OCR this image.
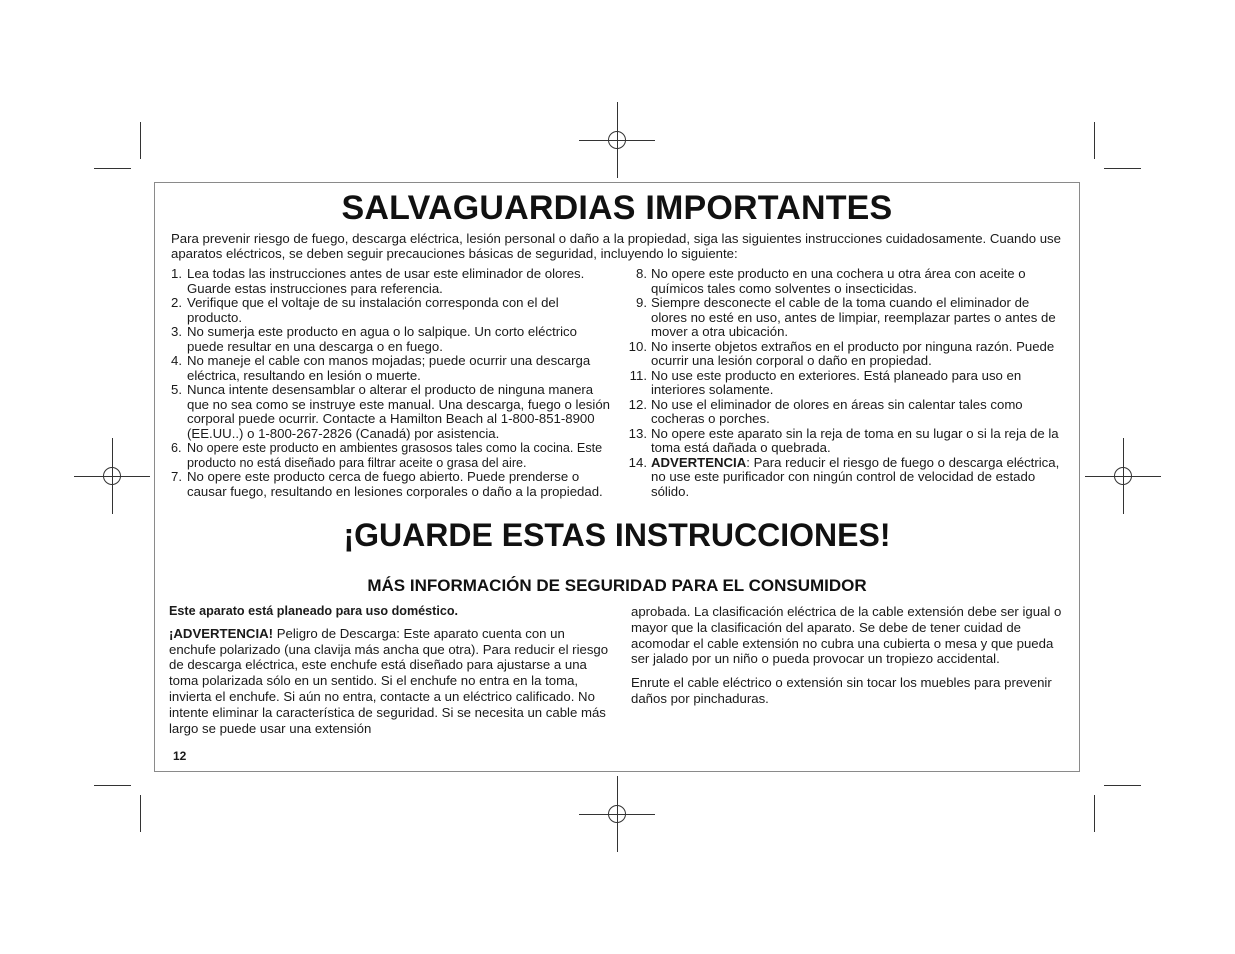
SALVAGUARDIAS IMPORTANTES
Para prevenir riesgo de fuego, descarga eléctrica, lesión personal o daño a la propiedad, siga las siguientes instrucciones cuidadosamente. Cuando use aparatos eléctricos, se deben seguir precauciones básicas de seguridad, incluyendo lo siguiente:
1. Lea todas las instrucciones antes de usar este eliminador de olores. Guarde estas instrucciones para referencia.
2. Verifique que el voltaje de su instalación corresponda con el del producto.
3. No sumerja este producto en agua o lo salpique. Un corto eléctrico puede resultar en una descarga o en fuego.
4. No maneje el cable con manos mojadas; puede ocurrir una descarga eléctrica, resultando en lesión o muerte.
5. Nunca intente desensamblar o alterar el producto de ninguna manera que no sea como se instruye este manual. Una descarga, fuego o lesión corporal puede ocurrir. Contacte a Hamilton Beach al 1-800-851-8900 (EE.UU..) o 1-800-267-2826 (Canadá) por asistencia.
6. No opere este producto en ambientes grasosos tales como la cocina. Este producto no está diseñado para filtrar aceite o grasa del aire.
7. No opere este producto cerca de fuego abierto. Puede prenderse o causar fuego, resultando en lesiones corporales o daño a la propiedad.
8. No opere este producto en una cochera u otra área con aceite o químicos tales como solventes o insecticidas.
9. Siempre desconecte el cable de la toma cuando el eliminador de olores no esté en uso, antes de limpiar, reemplazar partes o antes de mover a otra ubicación.
10. No inserte objetos extraños en el producto por ninguna razón. Puede ocurrir una lesión corporal o daño en propiedad.
11. No use este producto en exteriores. Está planeado para uso en interiores solamente.
12. No use el eliminador de olores en áreas sin calentar tales como cocheras o porches.
13. No opere este aparato sin la reja de toma en su lugar o si la reja de la toma está dañada o quebrada.
14. ADVERTENCIA: Para reducir el riesgo de fuego o descarga eléctrica, no use este purificador con ningún control de velocidad de estado sólido.
¡GUARDE ESTAS INSTRUCCIONES!
MÁS INFORMACIÓN DE SEGURIDAD PARA EL CONSUMIDOR

Este aparato está planeado para uso doméstico.

¡ADVERTENCIA! Peligro de Descarga: Este aparato cuenta con un enchufe polarizado (una clavija más ancha que otra). Para reducir el riesgo de descarga eléctrica, este enchufe está diseñado para ajustarse a una toma polarizada sólo en un sentido. Si el enchufe no entra en la toma, invierta el enchufe. Si aún no entra, contacte a un eléctrico calificado. No intente eliminar la característica de seguridad. Si se necesita un cable más largo se puede usar una extensión

aprobada. La clasificación eléctrica de la cable extensión debe ser igual o mayor que la clasificación del aparato. Se debe de tener cuidad de acomodar el cable extensión no cubra una cubierta o mesa y que pueda ser jalado por un niño o pueda provocar un tropiezo accidental.

Enrute el cable eléctrico o extensión sin tocar los muebles para prevenir daños por pinchaduras.

12
